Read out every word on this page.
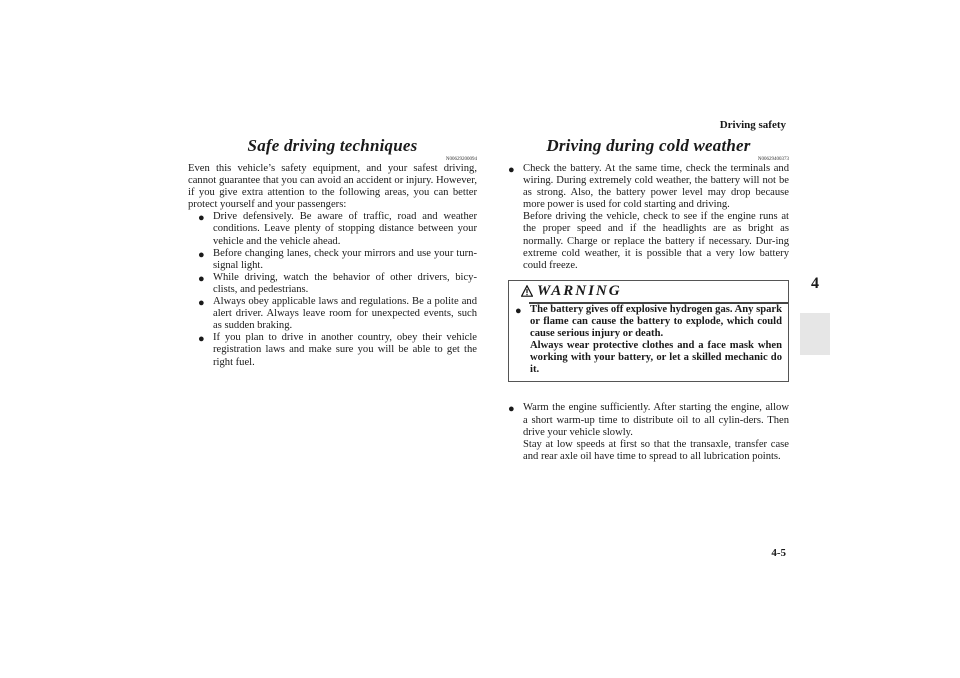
Driving safety
4
Safe driving techniques
N00629200094

Even this vehicle’s safety equipment, and your safest driving, cannot guarantee that you can avoid an accident or injury. However, if you give extra attention to the following areas, you can better protect yourself and your passengers:

● Drive defensively. Be aware of traffic, road and weather conditions. Leave plenty of stopping distance between your vehicle and the vehicle ahead.
● Before changing lanes, check your mirrors and use your turn-signal light.
● While driving, watch the behavior of other drivers, bicy-clists, and pedestrians.
● Always obey applicable laws and regulations. Be a polite and alert driver. Always leave room for unexpected events, such as sudden braking.
● If you plan to drive in another country, obey their vehicle registration laws and make sure you will be able to get the right fuel.
Driving during cold weather
N00629400373
● Check the battery. At the same time, check the terminals and wiring. During extremely cold weather, the battery will not be as strong. Also, the battery power level may drop because more power is used for cold starting and driving.
Before driving the vehicle, check to see if the engine runs at the proper speed and if the headlights are as bright as normally. Charge or replace the battery if necessary. Dur-ing extreme cold weather, it is possible that a very low battery could freeze.
WARNING
● The battery gives off explosive hydrogen gas. Any spark or flame can cause the battery to explode, which could cause serious injury or death.
Always wear protective clothes and a face mask when working with your battery, or let a skilled mechanic do it.
● Warm the engine sufficiently. After starting the engine, allow a short warm-up time to distribute oil to all cylin-ders. Then drive your vehicle slowly.
Stay at low speeds at first so that the transaxle, transfer case and rear axle oil have time to spread to all lubrication points.
4-5
